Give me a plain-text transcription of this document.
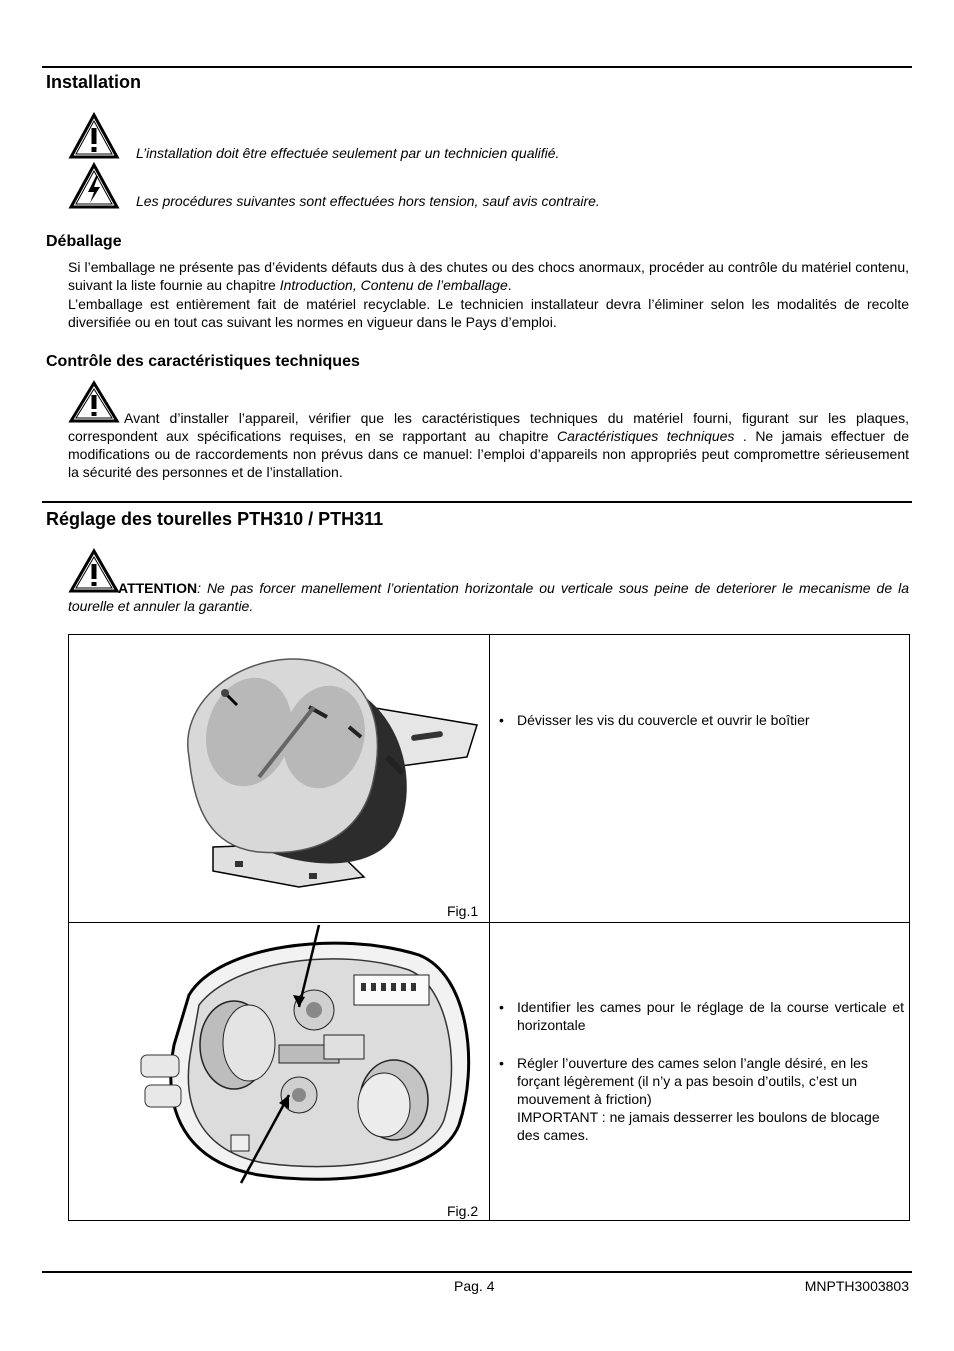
Installation
L’installation doit être effectuée seulement par un technicien qualifié.
Les procédures suivantes sont effectuées hors tension, sauf avis contraire.
Déballage

Si l’emballage ne présente pas d’évidents défauts dus à des chutes ou des chocs anormaux, procéder au contrôle du matériel contenu, suivant la liste fournie au chapitre Introduction, Contenu de l’emballage.

L’emballage est entièrement fait de matériel recyclable. Le technicien installateur devra l’éliminer selon les modalités de recolte diversifiée ou en tout cas suivant les normes en vigueur dans le Pays d’emploi.

Contrôle des caractéristiques techniques

Avant d’installer l’appareil, vérifier que les caractéristiques techniques du matériel fourni, figurant sur les plaques, correspondent aux spécifications requises, en se rapportant au chapitre Caractéristiques techniques . Ne jamais effectuer de modifications ou de raccordements non prévus dans ce manuel: l’emploi d’appareils non appropriés peut compromettre sérieusement la sécurité des personnes et de l’installation.

Réglage des tourelles PTH310 / PTH311

ATTENTION: Ne pas forcer manellement l’orientation horizontale ou verticale sous peine de deteriorer le mecanisme de la tourelle et annuler la garantie.

Fig.1
• Dévisser les vis du couvercle et ouvrir le boîtier
Fig.2
• Identifier les cames pour le réglage de la course verticale et horizontale
• Régler l’ouverture des cames selon l’angle désiré, en les forçant légèrement (il n’y a pas besoin d’outils, c’est un mouvement à friction)
IMPORTANT : ne jamais desserrer les boulons de blocage des cames.
Pag. 4	MNPTH3003803
